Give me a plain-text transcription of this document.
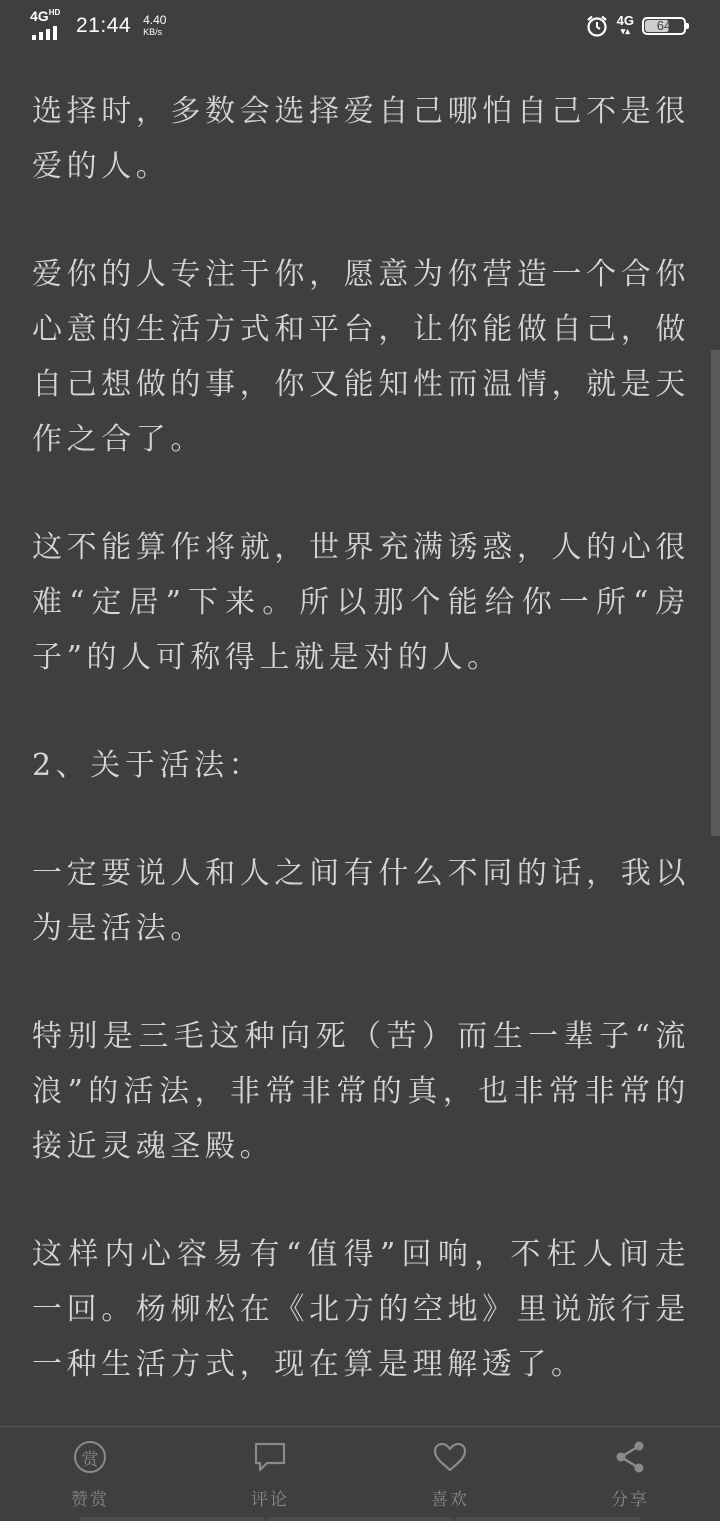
$4G^{HD}$
21:44 4.40
KB/s
4G
▾▴	64

选择时，多数会选择爱自己哪怕自己不是很爱的人。

爱你的人专注于你，愿意为你营造一个合你心意的生活方式和平台，让你能做自己，做自己想做的事，你又能知性而温情，就是天作之合了。

这不能算作将就，世界充满诱惑，人的心很难“定居”下来。所以那个能给你一所“房子”的人可称得上就是对的人。

2、关于活法：

一定要说人和人之间有什么不同的话，我以为是活法。

特别是三毛这种向死（苦）而生一辈子“流浪”的活法，非常非常的真，也非常非常的接近灵魂圣殿。

这样内心容易有“值得”回响，不枉人间走一回。杨柳松在《北方的空地》里说旅行是一种生活方式，现在算是理解透了。

赏
赞赏	评论	喜欢	分享
